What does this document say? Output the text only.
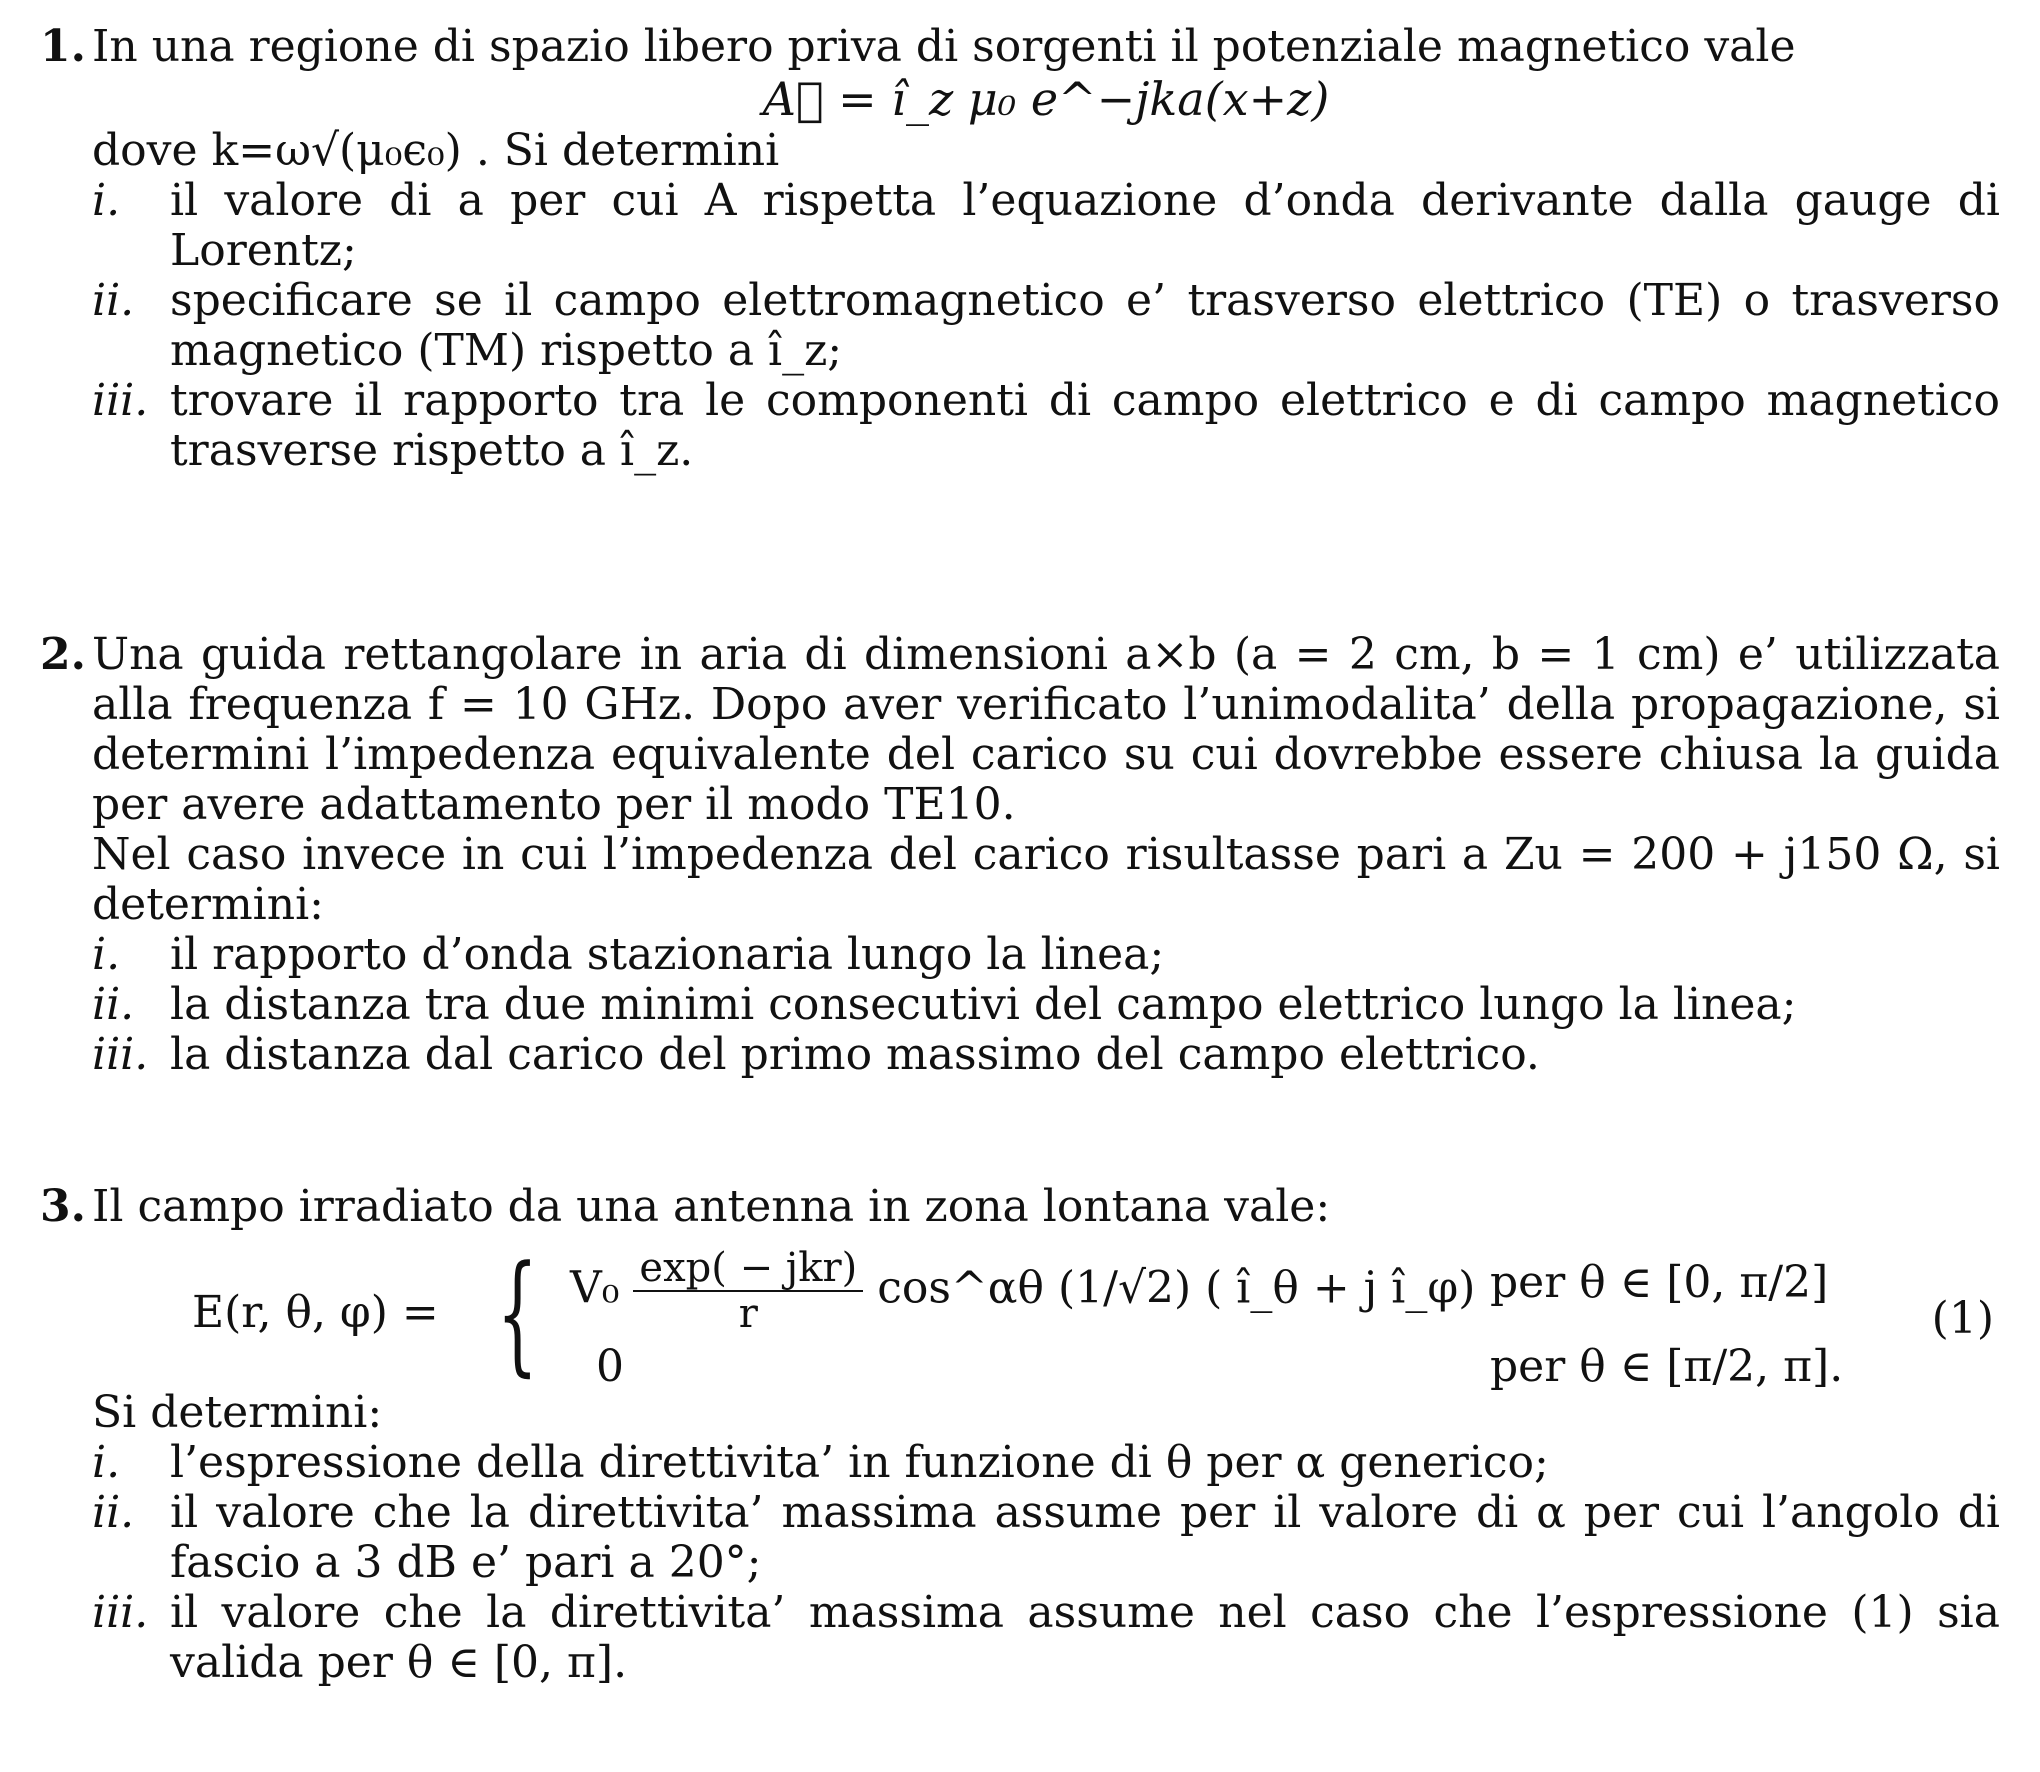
1. In una regione di spazio libero priva di sorgenti il potenziale magnetico vale
A⃗ = î_z μ₀ e^−jka(x+z)
dove k=ω√(μ₀ϵ₀) . Si determini
i. il valore di a per cui A rispetta l’equazione d’onda derivante dalla gauge di Lorentz;
ii. specificare se il campo elettromagnetico e’ trasverso elettrico (TE) o trasverso magnetico (TM) rispetto a î_z;
iii. trovare il rapporto tra le componenti di campo elettrico e di campo magnetico trasverse rispetto a î_z.
2. Una guida rettangolare in aria di dimensioni a×b (a = 2 cm, b = 1 cm) e’ utilizzata alla frequenza f = 10 GHz. Dopo aver verificato l’unimodalita’ della propagazione, si determini l’impedenza equivalente del carico su cui dovrebbe essere chiusa la guida per avere adattamento per il modo TE10.
Nel caso invece in cui l’impedenza del carico risultasse pari a Zu = 200 + j150 Ω, si determini:
i. il rapporto d’onda stazionaria lungo la linea;
ii. la distanza tra due minimi consecutivi del campo elettrico lungo la linea;
iii. la distanza dal carico del primo massimo del campo elettrico.
3. Il campo irradiato da una antenna in zona lontana vale:
E(r, θ, φ) = { $V_0 \frac{\text{exp( − jkr)}}{r}$ cos^αθ (1/√2) ( î_θ + j î_φ) per θ ∈ [0, π/2]
0	per θ ∈ [π/2, π].
(1)
Si determini:
i. l’espressione della direttivita’ in funzione di θ per α generico;
ii. il valore che la direttivita’ massima assume per il valore di α per cui l’angolo di fascio a 3 dB e’ pari a 20°;
iii. il valore che la direttivita’ massima assume nel caso che l’espressione (1) sia valida per θ ∈ [0, π].
